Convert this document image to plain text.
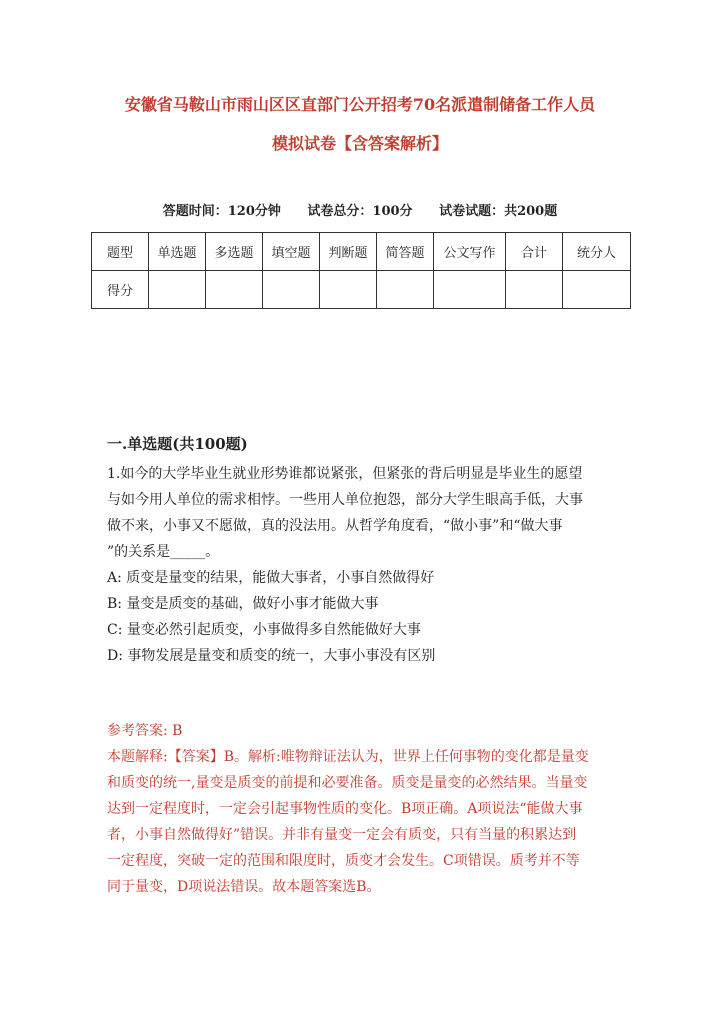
安徽省马鞍山市雨山区区直部门公开招考70名派遣制储备工作人员
模拟试卷【含答案解析】
答题时间：120分钟 试卷总分：100分 试卷试题：共200题
题型	单选题	多选题	填空题	判断题	简答题	公文写作	合计	统分人
得分								
一.单选题(共100题)
1.如今的大学毕业生就业形势谁都说紧张，但紧张的背后明显是毕业生的愿望
与如今用人单位的需求相悖。一些用人单位抱怨，部分大学生眼高手低，大事
做不来，小事又不愿做，真的没法用。从哲学角度看，“做小事”和“做大事
”的关系是_____。
A: 质变是量变的结果，能做大事者，小事自然做得好
B: 量变是质变的基础，做好小事才能做大事
C: 量变必然引起质变，小事做得多自然能做好大事
D: 事物发展是量变和质变的统一，大事小事没有区别
参考答案: B
本题解释:【答案】B。解析:唯物辩证法认为，世界上任何事物的变化都是量变
和质变的统一,量变是质变的前提和必要准备。质变是量变的必然结果。当量变
达到一定程度时，一定会引起事物性质的变化。B项正确。A项说法“能做大事
者，小事自然做得好”错误。并非有量变一定会有质变，只有当量的积累达到
一定程度，突破一定的范围和限度时，质变才会发生。C项错误。质考并不等
同于量变，D项说法错误。故本题答案选B。
